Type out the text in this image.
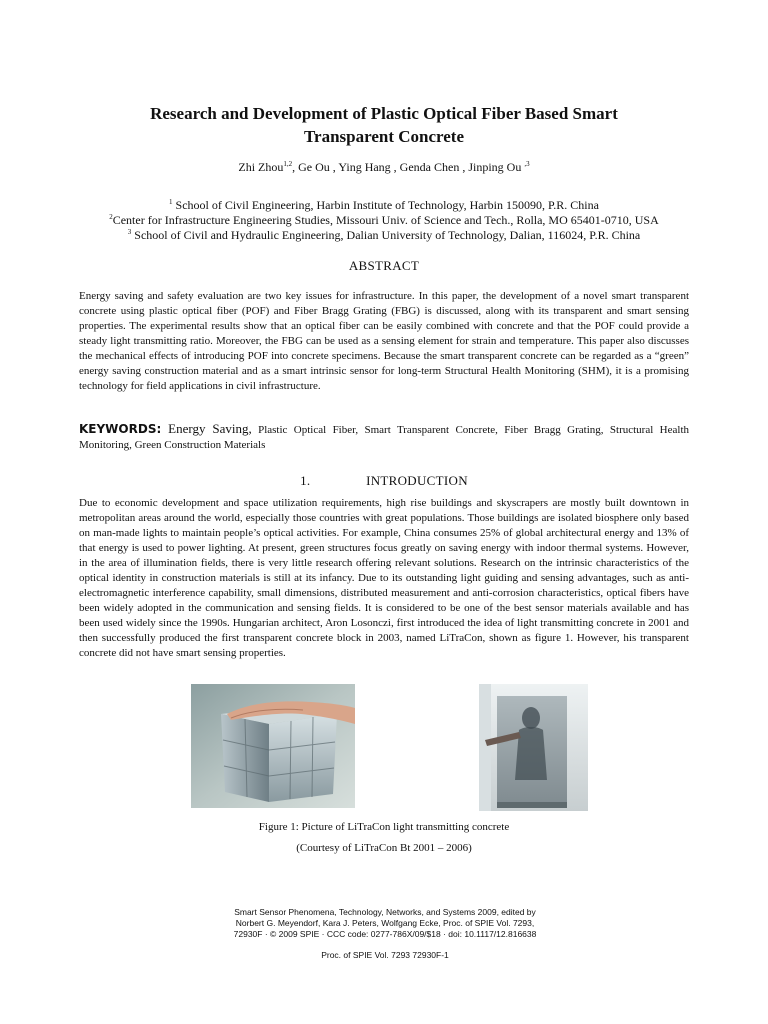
Research and Development of Plastic Optical Fiber Based Smart
Transparent Concrete
Zhi Zhou$^{1,2}$, Ge Ou , Ying Hang , Genda Chen , Jinping Ou $^{,3}$
$^1$ School of Civil Engineering, Harbin Institute of Technology, Harbin 150090, P.R. China
$^2$Center for Infrastructure Engineering Studies, Missouri Univ. of Science and Tech., Rolla, MO 65401-0710, USA
$^3$ School of Civil and Hydraulic Engineering, Dalian University of Technology, Dalian, 116024, P.R. China
ABSTRACT

Energy saving and safety evaluation are two key issues for infrastructure. In this paper, the development of a novel smart transparent concrete using plastic optical fiber (POF) and Fiber Bragg Grating (FBG) is discussed, along with its transparent and smart sensing properties. The experimental results show that an optical fiber can be easily combined with concrete and that the POF could provide a steady light transmitting ratio. Moreover, the FBG can be used as a sensing element for strain and temperature. This paper also discusses the mechanical effects of introducing POF into concrete specimens. Because the smart transparent concrete can be regarded as a “green” energy saving construction material and as a smart intrinsic sensor for long-term Structural Health Monitoring (SHM), it is a promising technology for field applications in civil infrastructure.

KEYWORDS: Energy Saving, Plastic Optical Fiber, Smart Transparent Concrete, Fiber Bragg Grating, Structural Health Monitoring, Green Construction Materials

1.	INTRODUCTION

Due to economic development and space utilization requirements, high rise buildings and skyscrapers are mostly built downtown in metropolitan areas around the world, especially those countries with great populations. Those buildings are isolated biosphere only based on man-made lights to maintain people’s optical activities. For example, China consumes 25% of global architectural energy and 13% of that energy is used to power lighting. At present, green structures focus greatly on saving energy with indoor thermal systems. However, in the area of illumination fields, there is very little research offering relevant solutions. Research on the intrinsic characteristics of the optical identity in construction materials is still at its infancy. Due to its outstanding light guiding and sensing advantages, such as anti-electromagnetic interference capability, small dimensions, distributed measurement and anti-corrosion characteristics, optical fibers have been widely adopted in the communication and sensing fields. It is considered to be one of the best sensor materials available and has been used widely since the 1990s. Hungarian architect, Aron Losonczi, first introduced the idea of light transmitting concrete in 2001 and then successfully produced the first transparent concrete block in 2003, named LiTraCon, shown as figure 1. However, his transparent concrete did not have smart sensing properties.

Figure 1: Picture of LiTraCon light transmitting concrete
(Courtesy of LiTraCon Bt 2001 – 2006)
Smart Sensor Phenomena, Technology, Networks, and Systems 2009, edited by
Norbert G. Meyendorf, Kara J. Peters, Wolfgang Ecke, Proc. of SPIE Vol. 7293,
72930F · © 2009 SPIE · CCC code: 0277-786X/09/$18 · doi: 10.1117/12.816638
Proc. of SPIE Vol. 7293 72930F-1
